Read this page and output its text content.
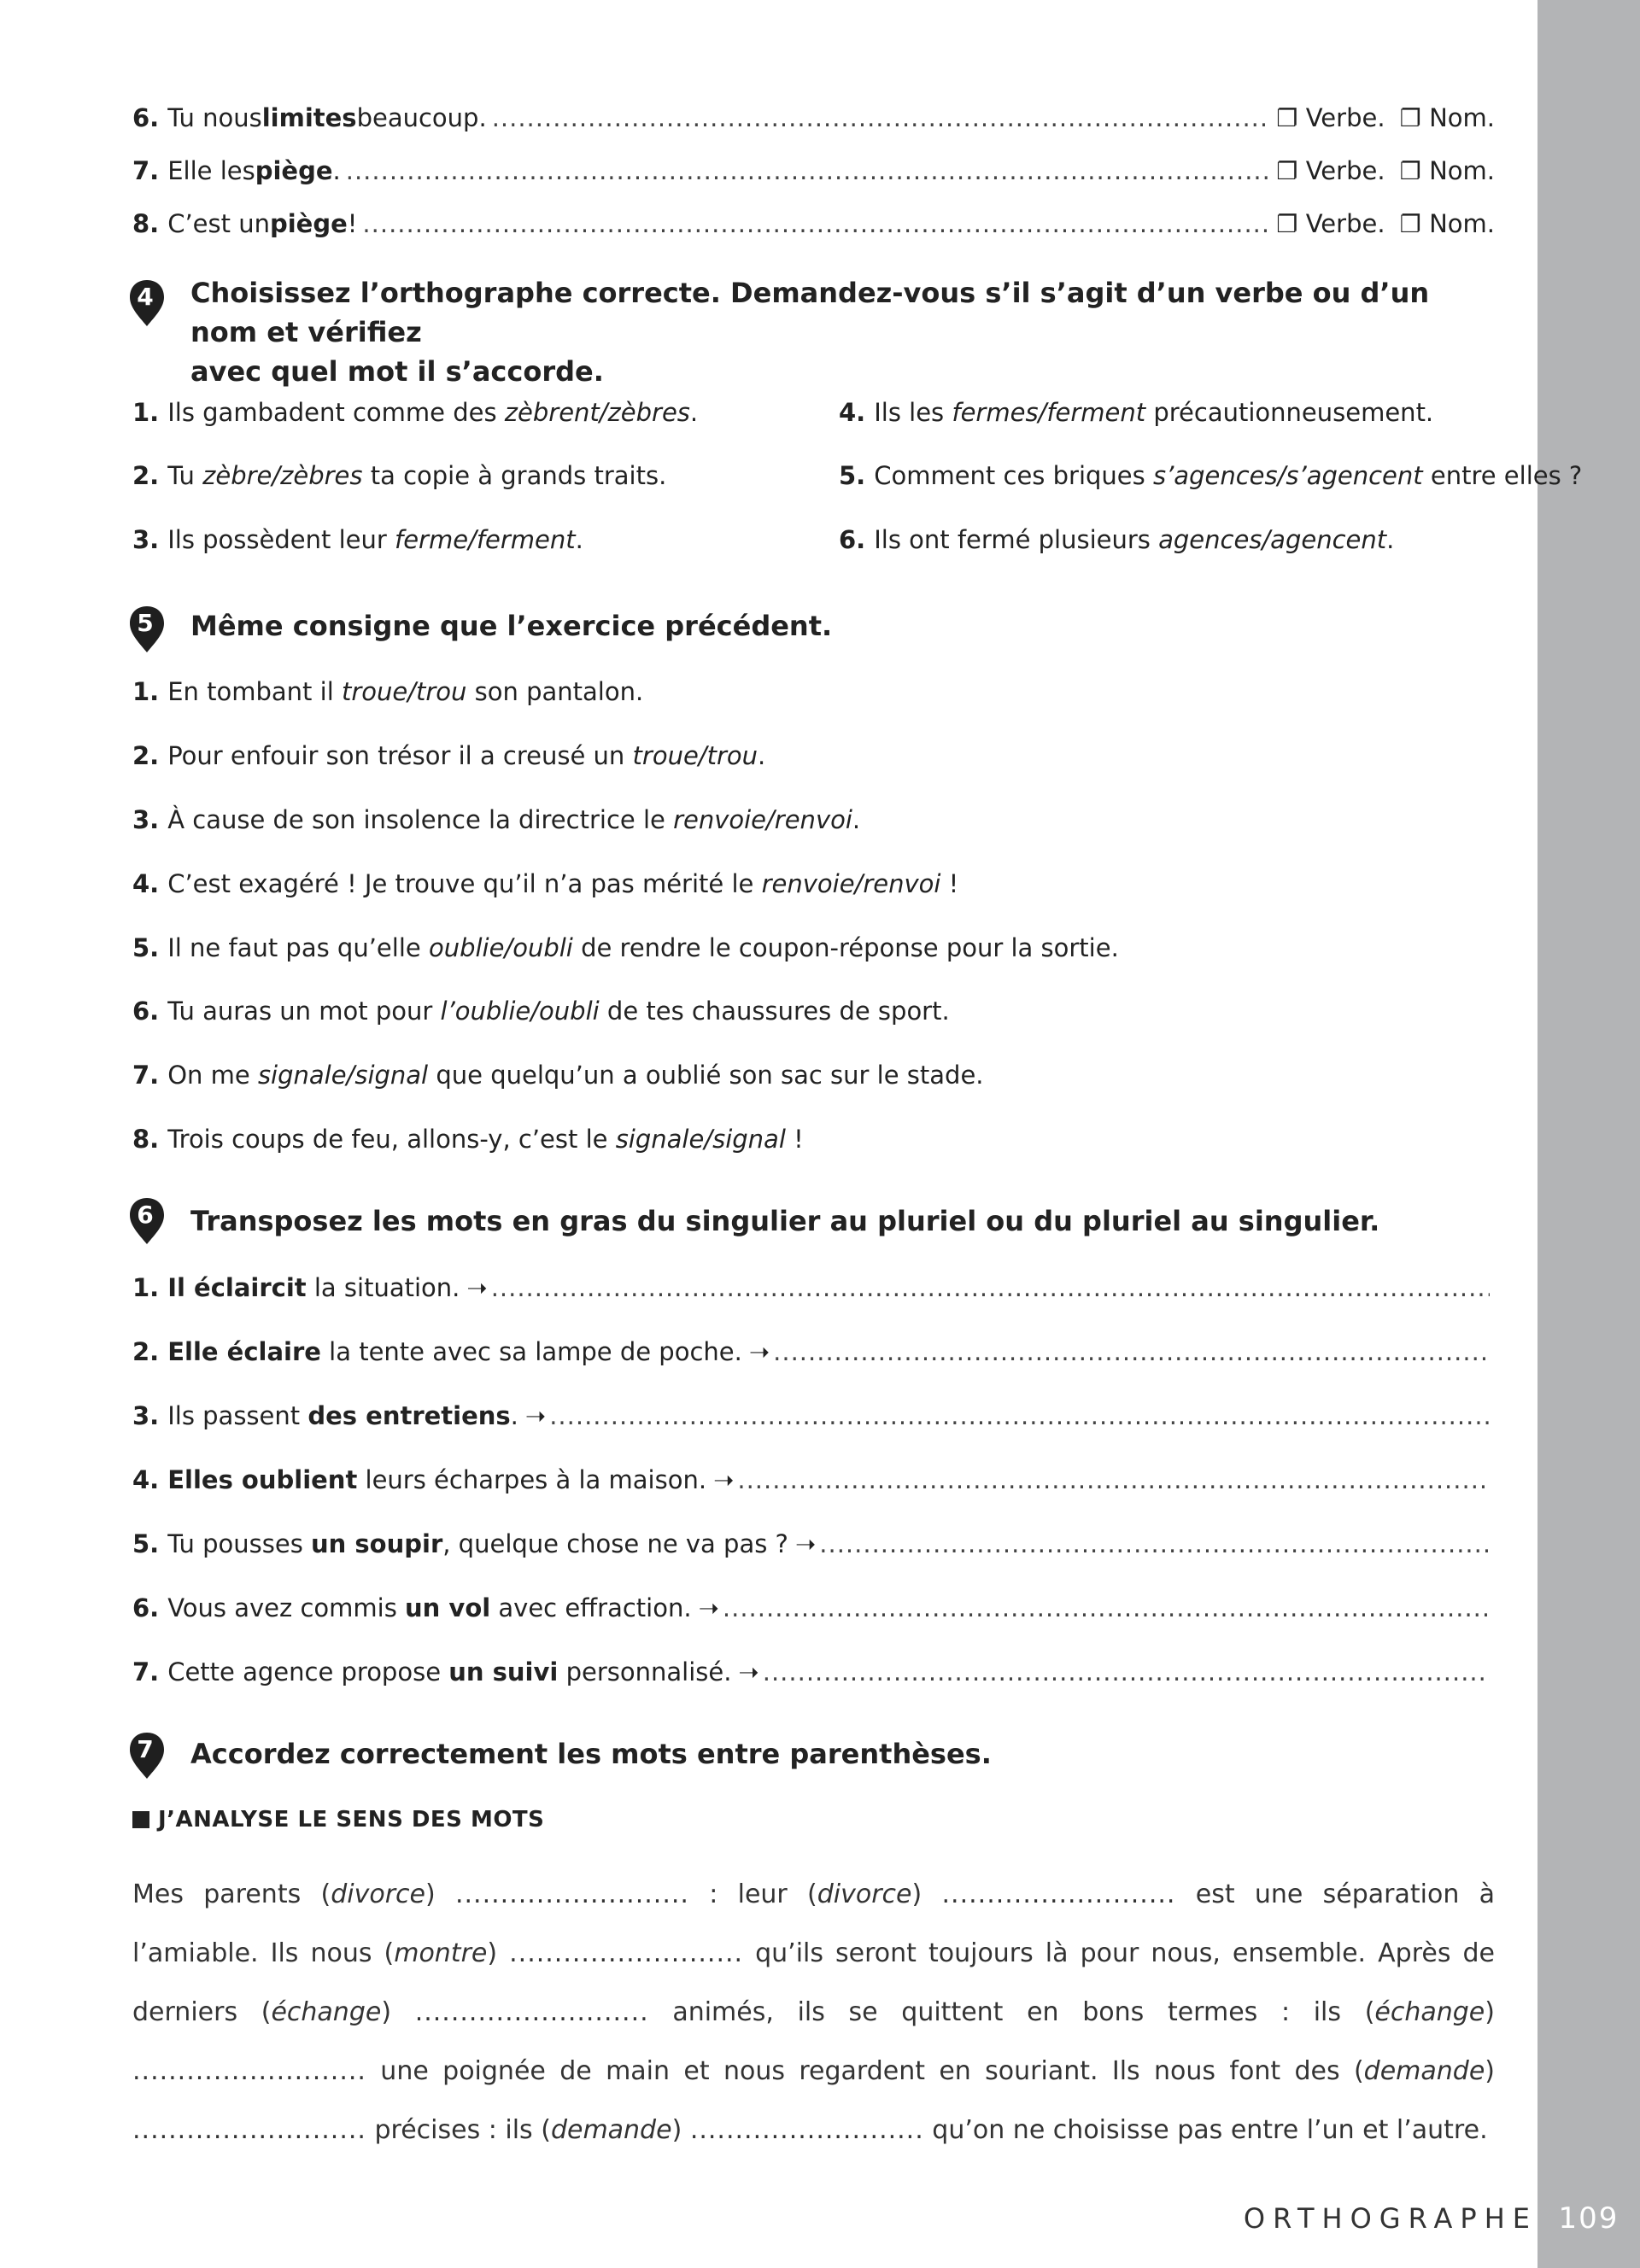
6. Tu nous limites beaucoup. .....	❐ Verbe. ❐ Nom.
7. Elle les piège . .....	❐ Verbe. ❐ Nom.
8. C’est un piège ! .....	❐ Verbe. ❐ Nom.
4	Choisissez l’orthographe correcte. Demandez-vous s’il s’agit d’un verbe ou d’un nom et vérifiez
avec quel mot il s’accorde.
1. Ils gambadent comme des zèbrent/zèbres.
2. Tu zèbre/zèbres ta copie à grands traits.
3. Ils possèdent leur ferme/ferment.
4. Ils les fermes/ferment précautionneusement.
5. Comment ces briques s’agences/s’agencent entre elles ?
6. Ils ont fermé plusieurs agences/agencent.
5	Même consigne que l’exercice précédent.
1. En tombant il troue/trou son pantalon.
2. Pour enfouir son trésor il a creusé un troue/trou.
3. À cause de son insolence la directrice le renvoie/renvoi.
4. C’est exagéré ! Je trouve qu’il n’a pas mérité le renvoie/renvoi !
5. Il ne faut pas qu’elle oublie/oubli de rendre le coupon-réponse pour la sortie.
6. Tu auras un mot pour l’oublie/oubli de tes chaussures de sport.
7. On me signale/signal que quelqu’un a oublié son sac sur le stade.
8. Trois coups de feu, allons-y, c’est le signale/signal !
6	Transposez les mots en gras du singulier au pluriel ou du pluriel au singulier.
1. Il éclaircit la situation. ➝
.....
2. Elle éclaire la tente avec sa lampe de poche. ➝
.....
3. Ils passent des entretiens . ➝
.....
4. Elles oublient leurs écharpes à la maison. ➝
.....
5. Tu pousses un soupir , quelque chose ne va pas ? ➝
.....
6. Vous avez commis un vol avec effraction. ➝
.....
7. Cette agence propose un suivi personnalisé. ➝
.....
7	Accordez correctement les mots entre parenthèses.
J’ANALYSE LE SENS DES MOTS
Mes parents (divorce) .......................... : leur (divorce) .......................... est une séparation à l’amiable. Ils nous (montre) .......................... qu’ils seront toujours là pour nous, ensemble. Après de derniers (échange) .......................... animés, ils se quittent en bons termes : ils (échange) .......................... une poignée de main et nous regardent en souriant. Ils nous font des (demande) .......................... précises : ils (demande) .......................... qu’on ne choisisse pas entre l’un et l’autre.
ORTHOGRAPHE 109
